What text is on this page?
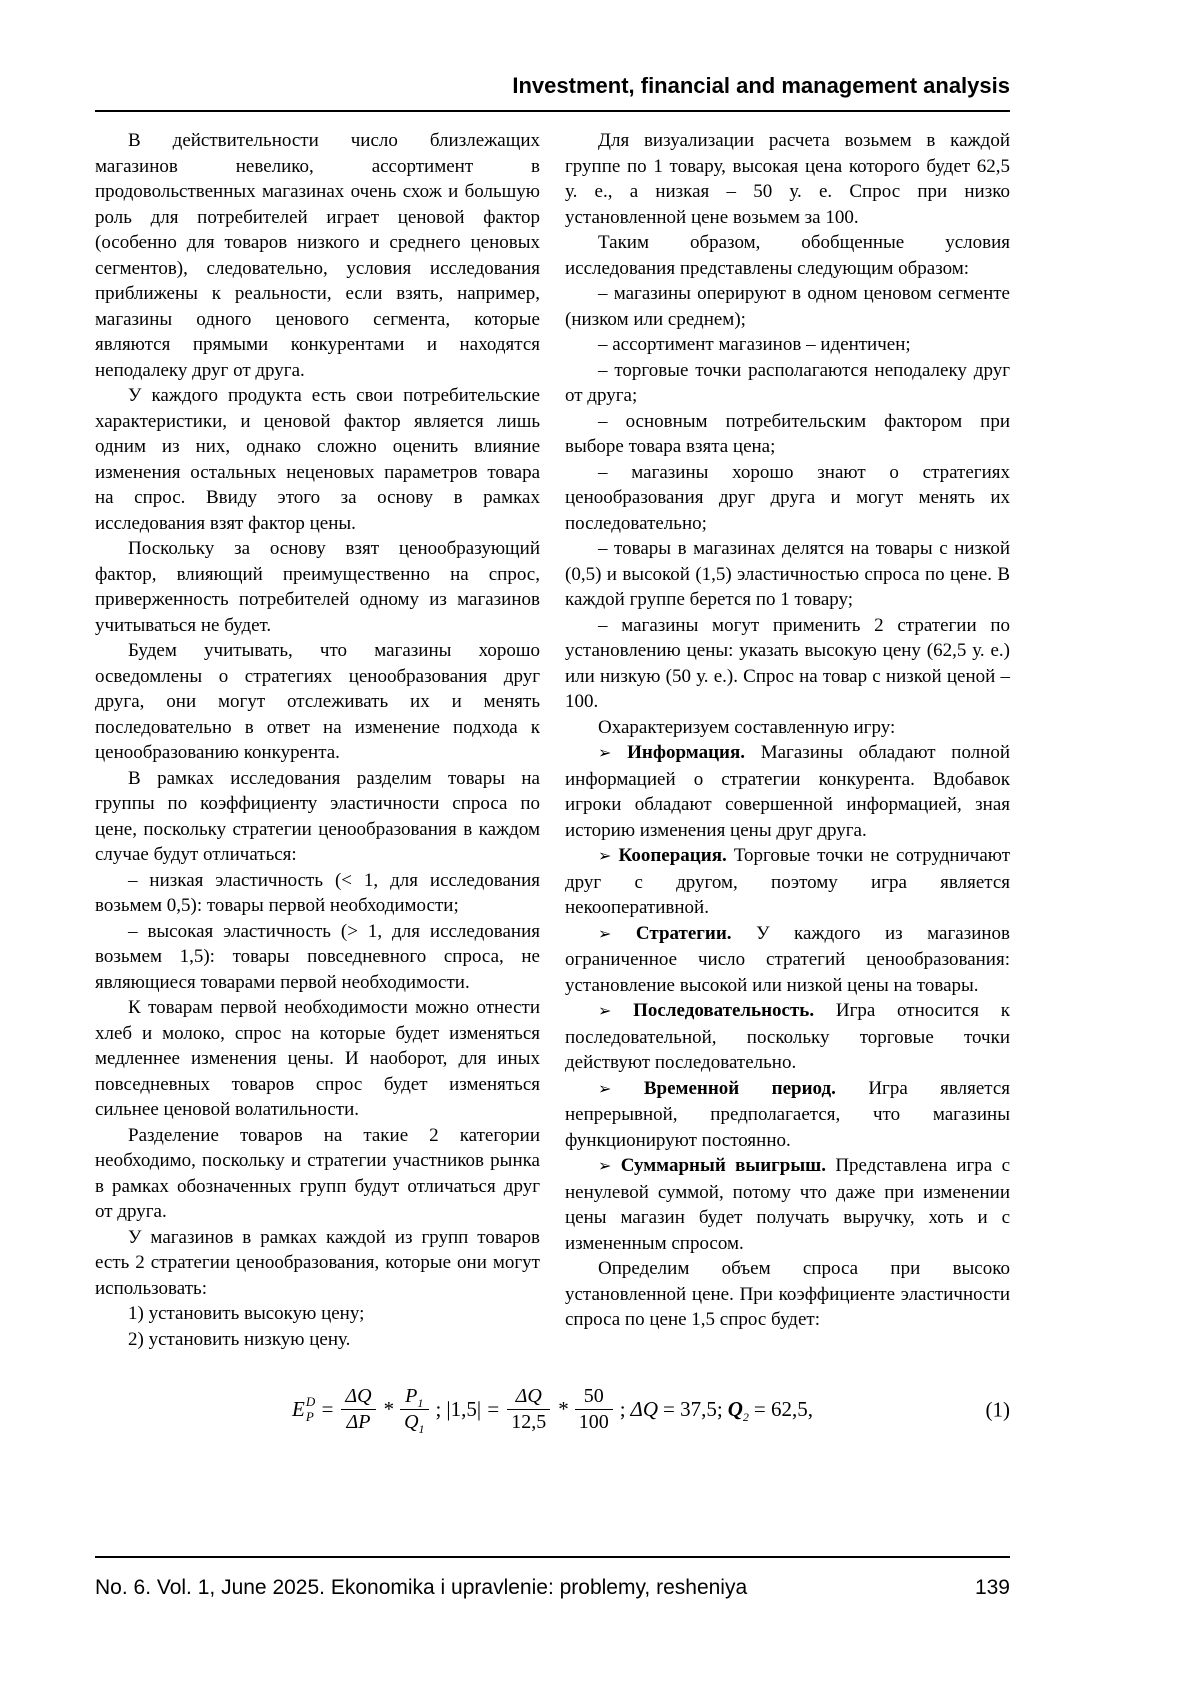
Investment, financial and management analysis

В действительности число близлежащих магазинов невелико, ассортимент в продовольственных магазинах очень схож и большую роль для потребителей играет ценовой фактор (особенно для товаров низкого и среднего ценовых сегментов), следовательно, условия исследования приближены к реальности, если взять, например, магазины одного ценового сегмента, которые являются прямыми конкурентами и находятся неподалеку друг от друга.

У каждого продукта есть свои потребительские характеристики, и ценовой фактор является лишь одним из них, однако сложно оценить влияние изменения остальных неценовых параметров товара на спрос. Ввиду этого за основу в рамках исследования взят фактор цены.

Поскольку за основу взят ценообразующий фактор, влияющий преимущественно на спрос, приверженность потребителей одному из магазинов учитываться не будет.

Будем учитывать, что магазины хорошо осведомлены о стратегиях ценообразования друг друга, они могут отслеживать их и менять последовательно в ответ на изменение подхода к ценообразованию конкурента.

В рамках исследования разделим товары на группы по коэффициенту эластичности спроса по цене, поскольку стратегии ценообразования в каждом случае будут отличаться:

– низкая эластичность (< 1, для исследования возьмем 0,5): товары первой необходимости;

– высокая эластичность (> 1, для исследования возьмем 1,5): товары повседневного спроса, не являющиеся товарами первой необходимости.

К товарам первой необходимости можно отнести хлеб и молоко, спрос на которые будет изменяться медленнее изменения цены. И наоборот, для иных повседневных товаров спрос будет изменяться сильнее ценовой волатильности.

Разделение товаров на такие 2 категории необходимо, поскольку и стратегии участников рынка в рамках обозначенных групп будут отличаться друг от друга.

У магазинов в рамках каждой из групп товаров есть 2 стратегии ценообразования, которые они могут использовать:

1) установить высокую цену;

2) установить низкую цену.

Для визуализации расчета возьмем в каждой группе по 1 товару, высокая цена которого будет 62,5 у. е., а низкая – 50 у. е. Спрос при низко установленной цене возьмем за 100.

Таким образом, обобщенные условия исследования представлены следующим образом:

– магазины оперируют в одном ценовом сегменте (низком или среднем);

– ассортимент магазинов – идентичен;

– торговые точки располагаются неподалеку друг от друга;

– основным потребительским фактором при выборе товара взята цена;

– магазины хорошо знают о стратегиях ценообразования друг друга и могут менять их последовательно;

– товары в магазинах делятся на товары с низкой (0,5) и высокой (1,5) эластичностью спроса по цене. В каждой группе берется по 1 товару;

– магазины могут применить 2 стратегии по установлению цены: указать высокую цену (62,5 у. е.) или низкую (50 у. е.). Спрос на товар с низкой ценой – 100.

Охарактеризуем составленную игру:

➢ Информация. Магазины обладают полной информацией о стратегии конкурента. Вдобавок игроки обладают совершенной информацией, зная историю изменения цены друг друга.

➢ Кооперация. Торговые точки не сотрудничают друг с другом, поэтому игра является некооперативной.

➢ Стратегии. У каждого из магазинов ограниченное число стратегий ценообразования: установление высокой или низкой цены на товары.

➢ Последовательность. Игра относится к последовательной, поскольку торговые точки действуют последовательно.

➢ Временной период. Игра является непрерывной, предполагается, что магазины функционируют постоянно.

➢ Суммарный выигрыш. Представлена игра с ненулевой суммой, потому что даже при изменении цены магазин будет получать выручку, хоть и с измененным спросом.

Определим объем спроса при высоко установленной цене. При коэффициенте эластичности спроса по цене 1,5 спрос будет:

E D
$P = \frac{\Delta Q}{\Delta P} * \frac{P_1}{Q_1}$ ; $|1,5| = \frac{\Delta Q}{12,5} * \frac{50}{100}$ ; ΔQ = 37,5; $Q_2 = 62,5$,	(1)
No. 6. Vol. 1, June 2025. Ekonomika i upravlenie: problemy, resheniya	139
